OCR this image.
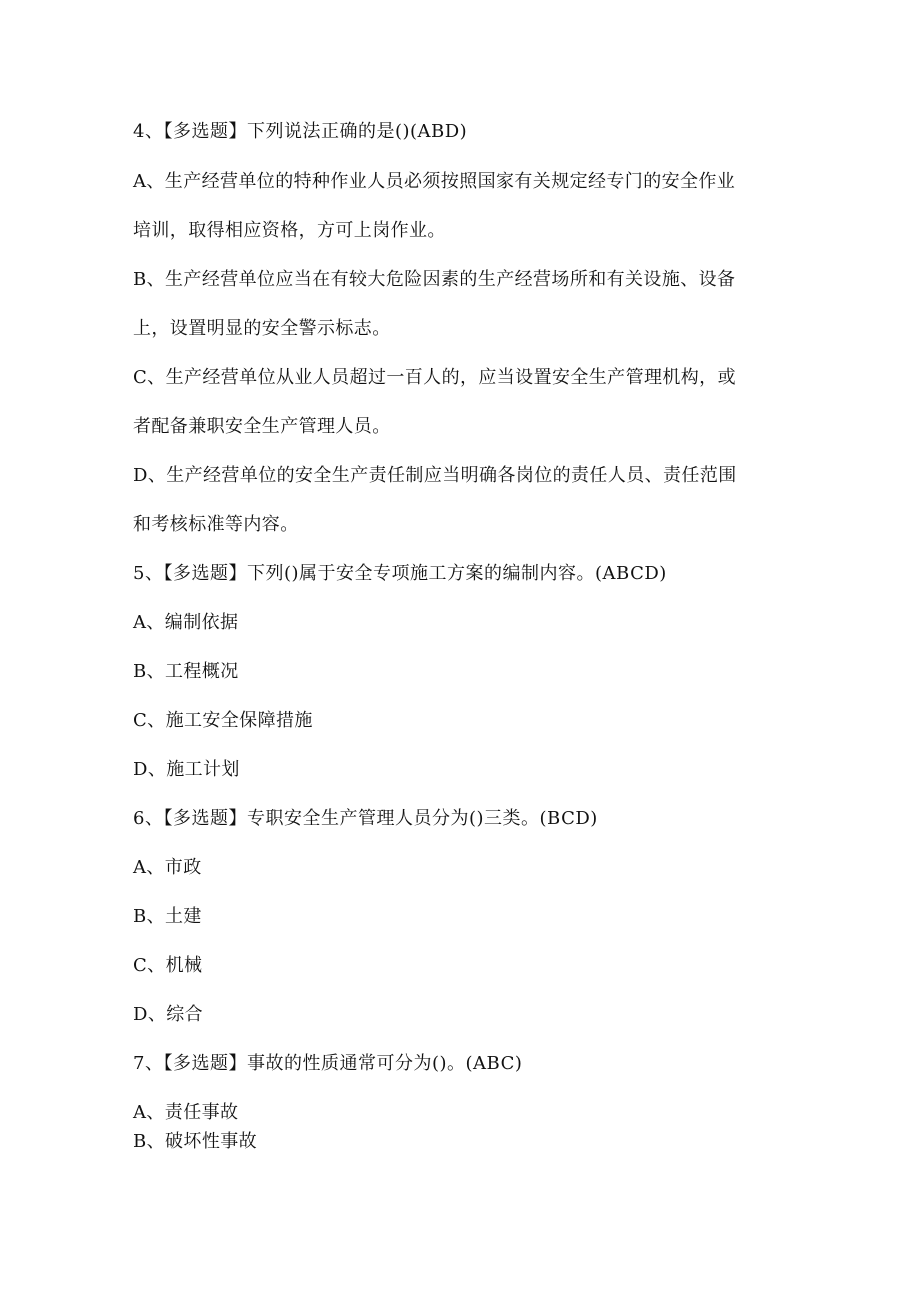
4、【多选题】下列说法正确的是()(ABD)
A、生产经营单位的特种作业人员必须按照国家有关规定经专门的安全作业
培训，取得相应资格，方可上岗作业。
B、生产经营单位应当在有较大危险因素的生产经营场所和有关设施、设备
上，设置明显的安全警示标志。
C、生产经营单位从业人员超过一百人的，应当设置安全生产管理机构，或
者配备兼职安全生产管理人员。
D、生产经营单位的安全生产责任制应当明确各岗位的责任人员、责任范围
和考核标准等内容。
5、【多选题】下列()属于安全专项施工方案的编制内容。(ABCD)
A、编制依据
B、工程概况
C、施工安全保障措施
D、施工计划
6、【多选题】专职安全生产管理人员分为()三类。(BCD)
A、市政
B、土建
C、机械
D、综合
7、【多选题】事故的性质通常可分为()。(ABC)
A、责任事故
B、破坏性事故
